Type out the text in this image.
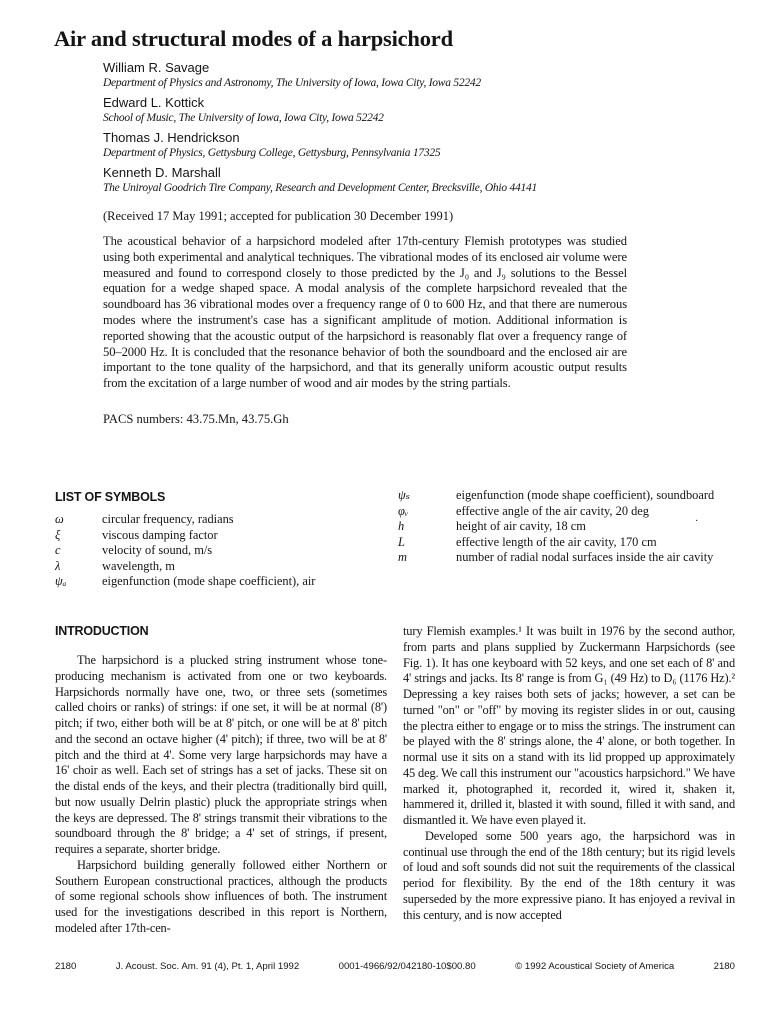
Air and structural modes of a harpsichord
William R. Savage
Department of Physics and Astronomy, The University of Iowa, Iowa City, Iowa 52242
Edward L. Kottick
School of Music, The University of Iowa, Iowa City, Iowa 52242
Thomas J. Hendrickson
Department of Physics, Gettysburg College, Gettysburg, Pennsylvania 17325
Kenneth D. Marshall
The Uniroyal Goodrich Tire Company, Research and Development Center, Brecksville, Ohio 44141
(Received 17 May 1991; accepted for publication 30 December 1991)
The acoustical behavior of a harpsichord modeled after 17th-century Flemish prototypes was studied using both experimental and analytical techniques. The vibrational modes of its enclosed air volume were measured and found to correspond closely to those predicted by the J₀ and J₉ solutions to the Bessel equation for a wedge shaped space. A modal analysis of the complete harpsichord revealed that the soundboard has 36 vibrational modes over a frequency range of 0 to 600 Hz, and that there are numerous modes where the instrument's case has a significant amplitude of motion. Additional information is reported showing that the acoustic output of the harpsichord is reasonably flat over a frequency range of 50–2000 Hz. It is concluded that the resonance behavior of both the soundboard and the enclosed air are important to the tone quality of the harpsichord, and that its generally uniform acoustic output results from the excitation of a large number of wood and air modes by the string partials.
PACS numbers: 43.75.Mn, 43.75.Gh
LIST OF SYMBOLS
ω	circular frequency, radians
ξ	viscous damping factor
c	velocity of sound, m/s
λ	wavelength, m
ψₐ	eigenfunction (mode shape coefficient), air
ψₛ	eigenfunction (mode shape coefficient), soundboard
φᵥ	effective angle of the air cavity, 20 deg
h	height of air cavity, 18 cm
L	effective length of the air cavity, 170 cm
m	number of radial nodal surfaces inside the air cavity
·
INTRODUCTION

The harpsichord is a plucked string instrument whose tone-producing mechanism is activated from one or two keyboards. Harpsichords normally have one, two, or three sets (sometimes called choirs or ranks) of strings: if one set, it will be at normal (8') pitch; if two, either both will be at 8' pitch, or one will be at 8' pitch and the second an octave higher (4' pitch); if three, two will be at 8' pitch and the third at 4'. Some very large harpsichords may have a 16' choir as well. Each set of strings has a set of jacks. These sit on the distal ends of the keys, and their plectra (traditionally bird quill, but now usually Delrin plastic) pluck the appropriate strings when the keys are depressed. The 8' strings transmit their vibrations to the soundboard through the 8' bridge; a 4' set of strings, if present, requires a separate, shorter bridge.

Harpsichord building generally followed either Northern or Southern European constructional practices, although the products of some regional schools show influences of both. The instrument used for the investigations described in this report is Northern, modeled after 17th-cen-

tury Flemish examples.¹ It was built in 1976 by the second author, from parts and plans supplied by Zuckermann Harpsichords (see Fig. 1). It has one keyboard with 52 keys, and one set each of 8' and 4' strings and jacks. Its 8' range is from G₁ (49 Hz) to D₆ (1176 Hz).² Depressing a key raises both sets of jacks; however, a set can be turned "on" or "off" by moving its register slides in or out, causing the plectra either to engage or to miss the strings. The instrument can be played with the 8' strings alone, the 4' alone, or both together. In normal use it sits on a stand with its lid propped up approximately 45 deg. We call this instrument our "acoustics harpsichord." We have marked it, photographed it, recorded it, wired it, shaken it, hammered it, drilled it, blasted it with sound, filled it with sand, and dismantled it. We have even played it.

Developed some 500 years ago, the harpsichord was in continual use through the end of the 18th century; but its rigid levels of loud and soft sounds did not suit the requirements of the classical period for flexibility. By the end of the 18th century it was superseded by the more expressive piano. It has enjoyed a revival in this century, and is now accepted

2180	J. Acoust. Soc. Am. 91 (4), Pt. 1, April 1992	0001-4966/92/042180-10$00.80	© 1992 Acoustical Society of America	2180
